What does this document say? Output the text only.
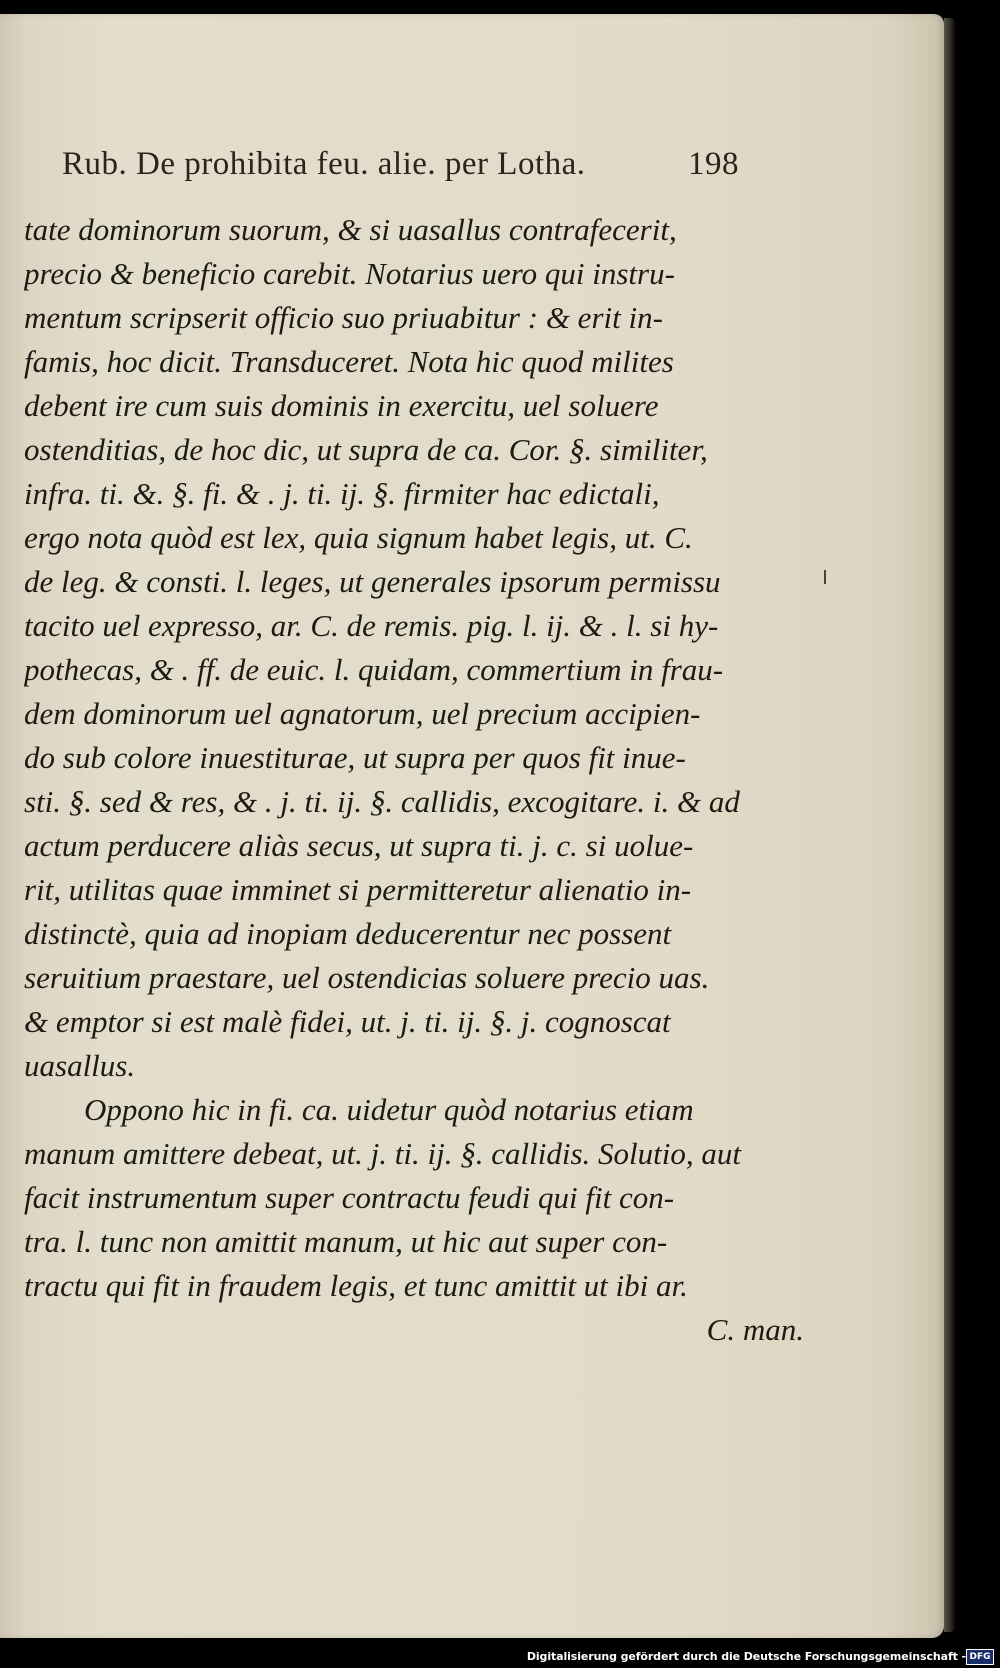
Rub. De prohibita feu. alie. per Lotha.	198
tate dominorum suorum, & si uasallus contrafecerit,
precio & beneficio carebit. Notarius uero qui instru-
mentum scripserit officio suo priuabitur : & erit in-
famis, hoc dicit. Transduceret. Nota hic quod milites
debent ire cum suis dominis in exercitu, uel soluere
ostenditias, de hoc dic, ut supra de ca. Cor. §. similiter,
infra. ti. &. §. fi. & . j. ti. ij. §. firmiter hac edictali,
ergo nota quòd est lex, quia signum habet legis, ut. C.
de leg. & consti. l. leges, ut generales ipsorum permissu
tacito uel expresso, ar. C. de remis. pig. l. ij. & . l. si hy-
pothecas, & . ff. de euic. l. quidam, commertium in frau-
dem dominorum uel agnatorum, uel precium accipien-
do sub colore inuestiturae, ut supra per quos fit inue-
sti. §. sed & res, & . j. ti. ij. §. callidis, excogitare. i. & ad
actum perducere aliàs secus, ut supra ti. j. c. si uolue-
rit, utilitas quae imminet si permitteretur alienatio in-
distinctè, quia ad inopiam deducerentur nec possent
seruitium praestare, uel ostendicias soluere precio uas.
& emptor si est malè fidei, ut. j. ti. ij. §. j. cognoscat
uasallus.
Oppono hic in fi. ca. uidetur quòd notarius etiam
manum amittere debeat, ut. j. ti. ij. §. callidis. Solutio, aut
facit instrumentum super contractu feudi qui fit con-
tra. l. tunc non amittit manum, ut hic aut super con-
tractu qui fit in fraudem legis, et tunc amittit ut ibi ar.
C. man.
Digitalisierung gefördert durch die Deutsche Forschungsgemeinschaft - DFG
